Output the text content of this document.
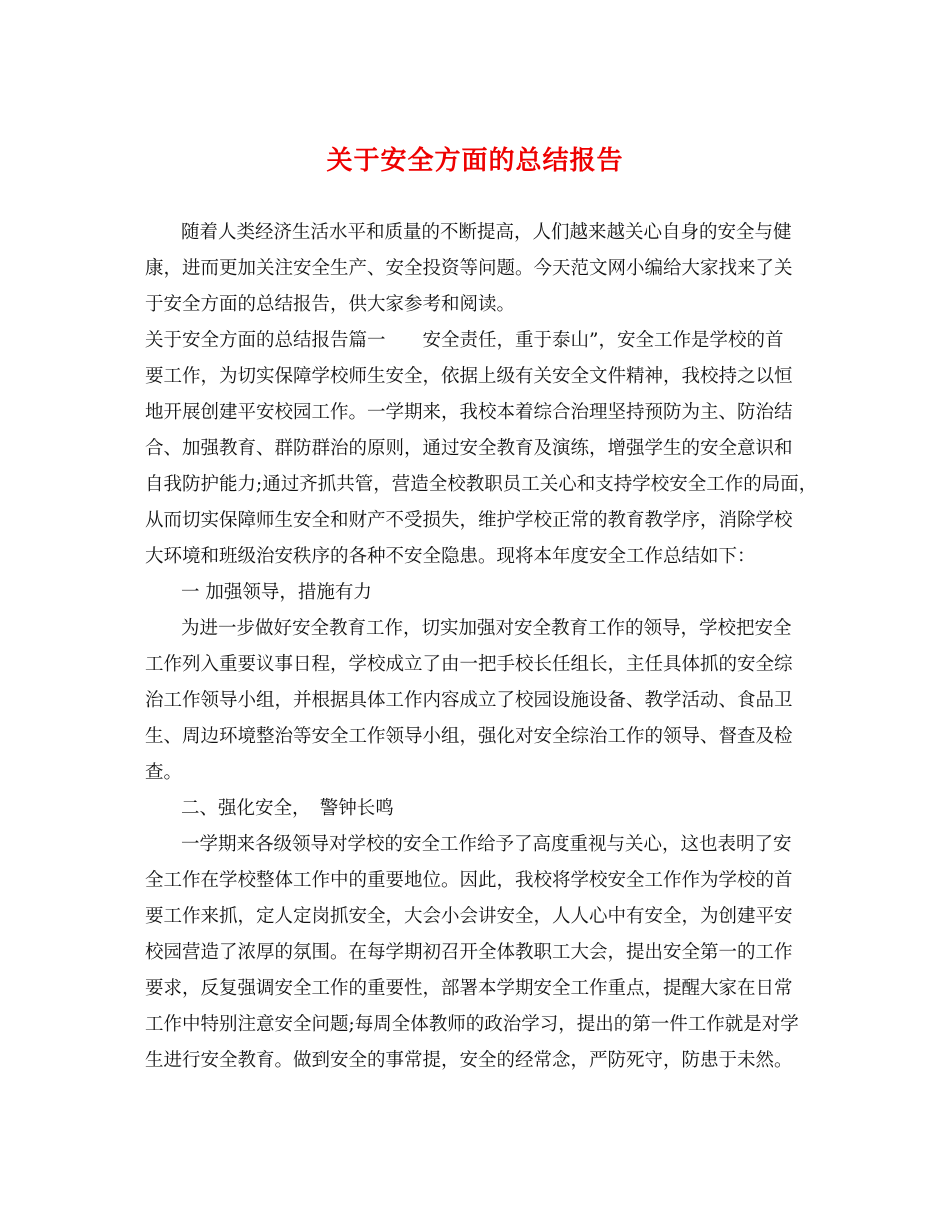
关于安全方面的总结报告

随着人类经济生活水平和质量的不断提高，人们越来越关心自身的安全与健

康，进而更加关注安全生产、安全投资等问题。今天范文网小编给大家找来了关

于安全方面的总结报告，供大家参考和阅读。

关于安全方面的总结报告篇一　　安全责任，重于泰山”，安全工作是学校的首

要工作，为切实保障学校师生安全，依据上级有关安全文件精神，我校持之以恒

地开展创建平安校园工作。一学期来，我校本着综合治理坚持预防为主、防治结

合、加强教育、群防群治的原则，通过安全教育及演练，增强学生的安全意识和

自我防护能力;通过齐抓共管，营造全校教职员工关心和支持学校安全工作的局面，

从而切实保障师生安全和财产不受损失，维护学校正常的教育教学序，消除学校

大环境和班级治安秩序的各种不安全隐患。现将本年度安全工作总结如下：

一 加强领导，措施有力

为进一步做好安全教育工作，切实加强对安全教育工作的领导，学校把安全

工作列入重要议事日程，学校成立了由一把手校长任组长，主任具体抓的安全综

治工作领导小组，并根据具体工作内容成立了校园设施设备、教学活动、食品卫

生、周边环境整治等安全工作领导小组，强化对安全综治工作的领导、督查及检

查。

二、强化安全，　警钟长鸣

一学期来各级领导对学校的安全工作给予了高度重视与关心，这也表明了安

全工作在学校整体工作中的重要地位。因此，我校将学校安全工作作为学校的首

要工作来抓，定人定岗抓安全，大会小会讲安全，人人心中有安全，为创建平安

校园营造了浓厚的氛围。在每学期初召开全体教职工大会，提出安全第一的工作

要求，反复强调安全工作的重要性，部署本学期安全工作重点，提醒大家在日常

工作中特别注意安全问题;每周全体教师的政治学习，提出的第一件工作就是对学

生进行安全教育。做到安全的事常提，安全的经常念，严防死守，防患于未然。
